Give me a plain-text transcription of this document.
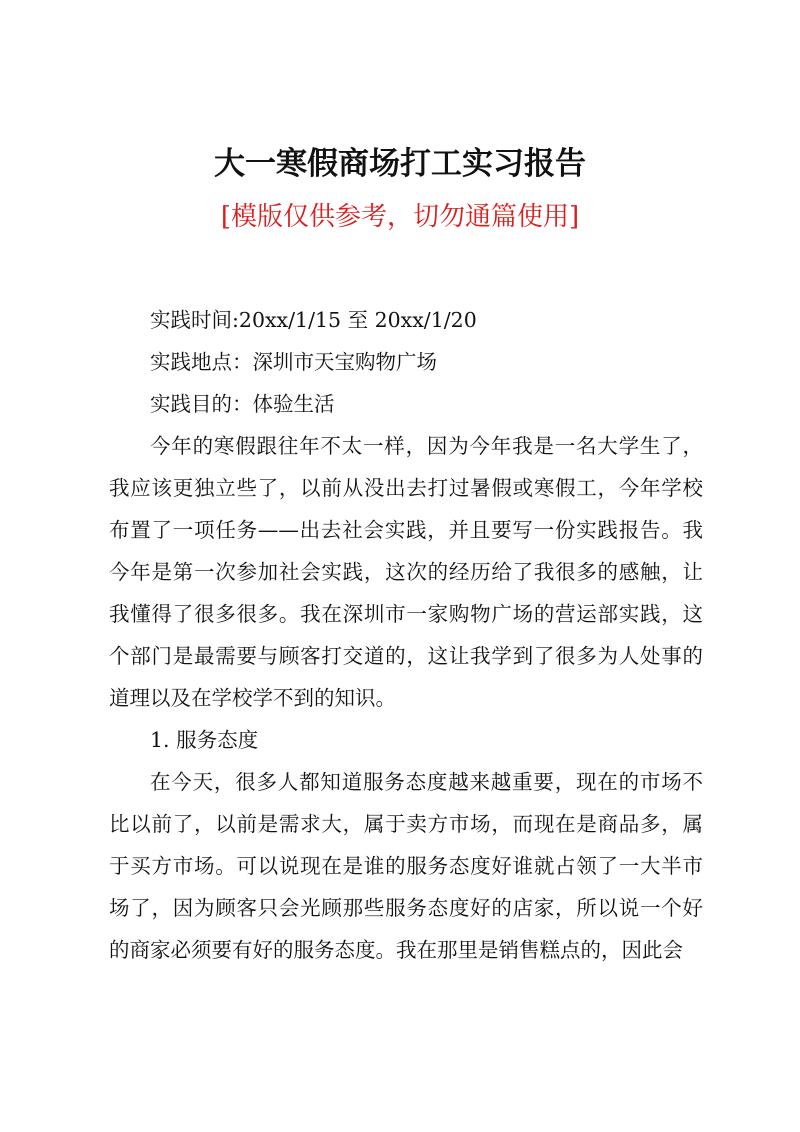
大一寒假商场打工实习报告
[模版仅供参考，切勿通篇使用]

实践时间:20xx/1/15 至 20xx/1/20

实践地点：深圳市天宝购物广场

实践目的：体验生活

今年的寒假跟往年不太一样，因为今年我是一名大学生了，我应该更独立些了，以前从没出去打过暑假或寒假工，今年学校布置了一项任务——出去社会实践，并且要写一份实践报告。我今年是第一次参加社会实践，这次的经历给了我很多的感触，让我懂得了很多很多。我在深圳市一家购物广场的营运部实践，这个部门是最需要与顾客打交道的，这让我学到了很多为人处事的道理以及在学校学不到的知识。

1. 服务态度

在今天，很多人都知道服务态度越来越重要，现在的市场不比以前了，以前是需求大，属于卖方市场，而现在是商品多，属于买方市场。可以说现在是谁的服务态度好谁就占领了一大半市场了，因为顾客只会光顾那些服务态度好的店家，所以说一个好的商家必须要有好的服务态度。我在那里是销售糕点的，因此会
